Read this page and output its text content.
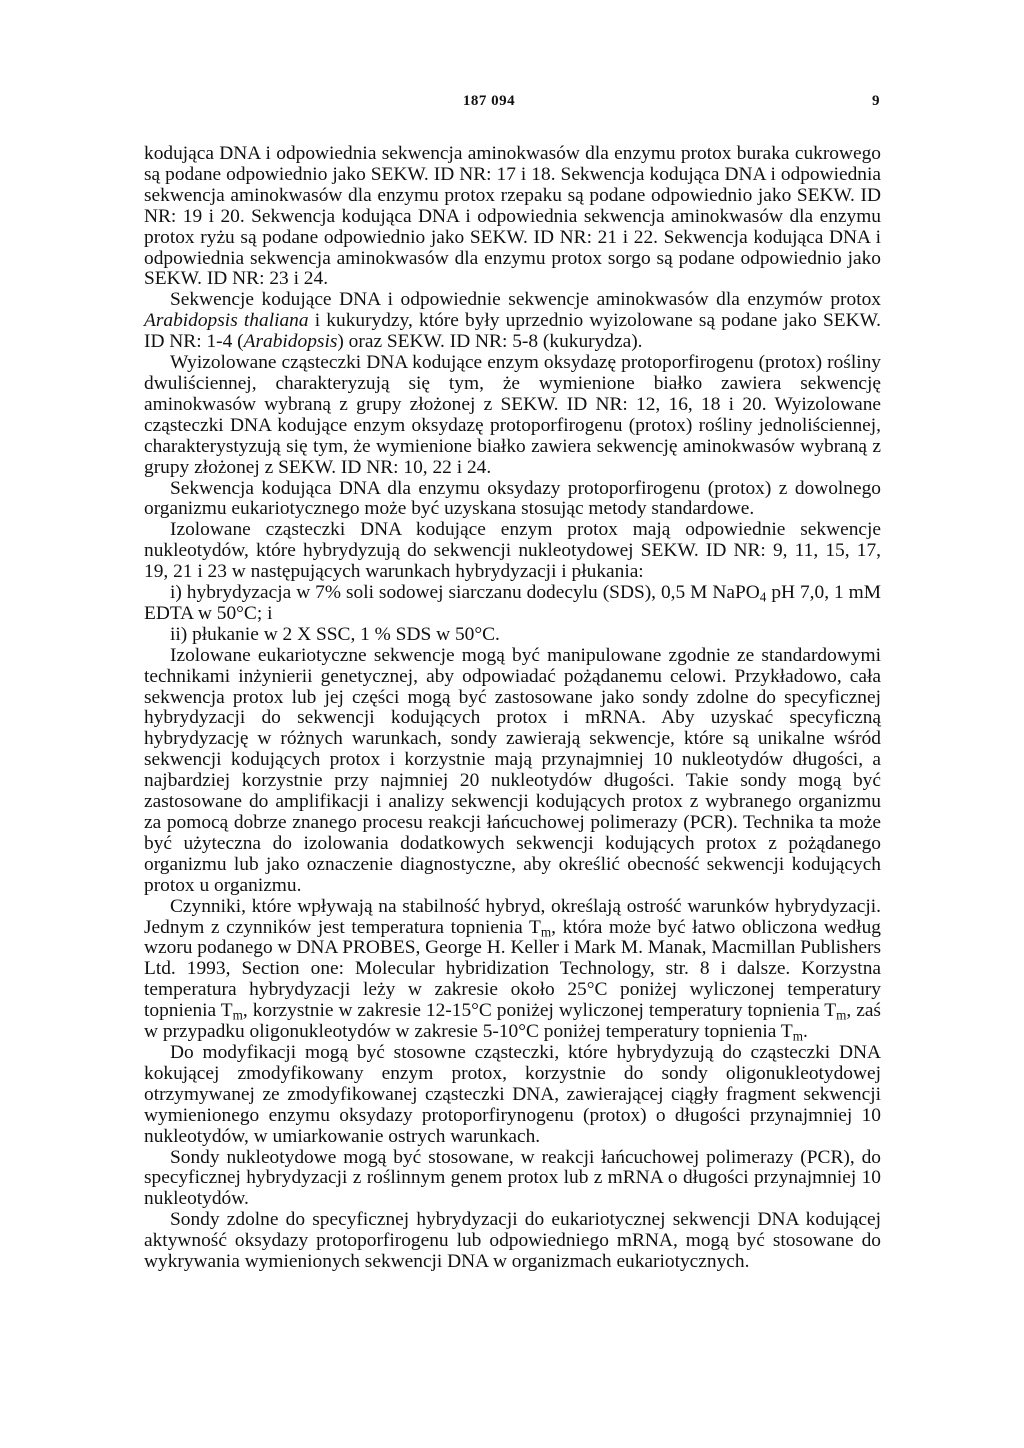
187 094	9

kodująca DNA i odpowiednia sekwencja aminokwasów dla enzymu protox buraka cukrowego są podane odpowiednio jako SEKW. ID NR: 17 i 18. Sekwencja kodująca DNA i odpowiednia sekwencja aminokwasów dla enzymu protox rzepaku są podane odpowiednio jako SEKW. ID NR: 19 i 20. Sekwencja kodująca DNA i odpowiednia sekwencja aminokwasów dla enzymu protox ryżu są podane odpowiednio jako SEKW. ID NR: 21 i 22. Sekwencja kodująca DNA i odpowiednia sekwencja aminokwasów dla enzymu protox sorgo są podane odpowiednio jako SEKW. ID NR: 23 i 24.

Sekwencje kodujące DNA i odpowiednie sekwencje aminokwasów dla enzymów protox Arabidopsis thaliana i kukurydzy, które były uprzednio wyizolowane są podane jako SEKW. ID NR: 1-4 (Arabidopsis) oraz SEKW. ID NR: 5-8 (kukurydza).

Wyizolowane cząsteczki DNA kodujące enzym oksydazę protoporfirogenu (protox) rośliny dwuliściennej, charakteryzują się tym, że wymienione białko zawiera sekwencję aminokwasów wybraną z grupy złożonej z SEKW. ID NR: 12, 16, 18 i 20. Wyizolowane cząsteczki DNA kodujące enzym oksydazę protoporfirogenu (protox) rośliny jednoliściennej, charakterystyzują się tym, że wymienione białko zawiera sekwencję aminokwasów wybraną z grupy złożonej z SEKW. ID NR: 10, 22 i 24.

Sekwencja kodująca DNA dla enzymu oksydazy protoporfirogenu (protox) z dowolnego organizmu eukariotycznego może być uzyskana stosując metody standardowe.

Izolowane cząsteczki DNA kodujące enzym protox mają odpowiednie sekwencje nukleotydów, które hybrydyzują do sekwencji nukleotydowej SEKW. ID NR: 9, 11, 15, 17, 19, 21 i 23 w następujących warunkach hybrydyzacji i płukania:

i) hybrydyzacja w 7% soli sodowej siarczanu dodecylu (SDS), 0,5 M NaPO$_4$ pH 7,0, 1 mM EDTA w 50°C; i

ii) płukanie w 2 X SSC, 1 % SDS w 50°C.

Izolowane eukariotyczne sekwencje mogą być manipulowane zgodnie ze standardowymi technikami inżynierii genetycznej, aby odpowiadać pożądanemu celowi. Przykładowo, cała sekwencja protox lub jej części mogą być zastosowane jako sondy zdolne do specyficznej hybrydyzacji do sekwencji kodujących protox i mRNA. Aby uzyskać specyficzną hybrydyzację w różnych warunkach, sondy zawierają sekwencje, które są unikalne wśród sekwencji kodujących protox i korzystnie mają przynajmniej 10 nukleotydów długości, a najbardziej korzystnie przy najmniej 20 nukleotydów długości. Takie sondy mogą być zastosowane do amplifikacji i analizy sekwencji kodujących protox z wybranego organizmu za pomocą dobrze znanego procesu reakcji łańcuchowej polimerazy (PCR). Technika ta może być użyteczna do izolowania dodatkowych sekwencji kodujących protox z pożądanego organizmu lub jako oznaczenie diagnostyczne, aby określić obecność sekwencji kodujących protox u organizmu.

Czynniki, które wpływają na stabilność hybryd, określają ostrość warunków hybrydyzacji. Jednym z czynników jest temperatura topnienia $T_m$, która może być łatwo obliczona według wzoru podanego w DNA PROBES, George H. Keller i Mark M. Manak, Macmillan Publishers Ltd. 1993, Section one: Molecular hybridization Technology, str. 8 i dalsze. Korzystna temperatura hybrydyzacji leży w zakresie około 25°C poniżej wyliczonej temperatury topnienia $T_m$, korzystnie w zakresie 12-15°C poniżej wyliczonej temperatury topnienia $T_m$, zaś w przypadku oligonukleotydów w zakresie 5-10°C poniżej temperatury topnienia $T_m$.

Do modyfikacji mogą być stosowne cząsteczki, które hybrydyzują do cząsteczki DNA kokującej zmodyfikowany enzym protox, korzystnie do sondy oligonukleotydowej otrzymywanej ze zmodyfikowanej cząsteczki DNA, zawierającej ciągły fragment sekwencji wymienionego enzymu oksydazy protoporfirynogenu (protox) o długości przynajmniej 10 nukleotydów, w umiarkowanie ostrych warunkach.

Sondy nukleotydowe mogą być stosowane, w reakcji łańcuchowej polimerazy (PCR), do specyficznej hybrydyzacji z roślinnym genem protox lub z mRNA o długości przynajmniej 10 nukleotydów.

Sondy zdolne do specyficznej hybrydyzacji do eukariotycznej sekwencji DNA kodującej aktywność oksydazy protoporfirogenu lub odpowiedniego mRNA, mogą być stosowane do wykrywania wymienionych sekwencji DNA w organizmach eukariotycznych.
